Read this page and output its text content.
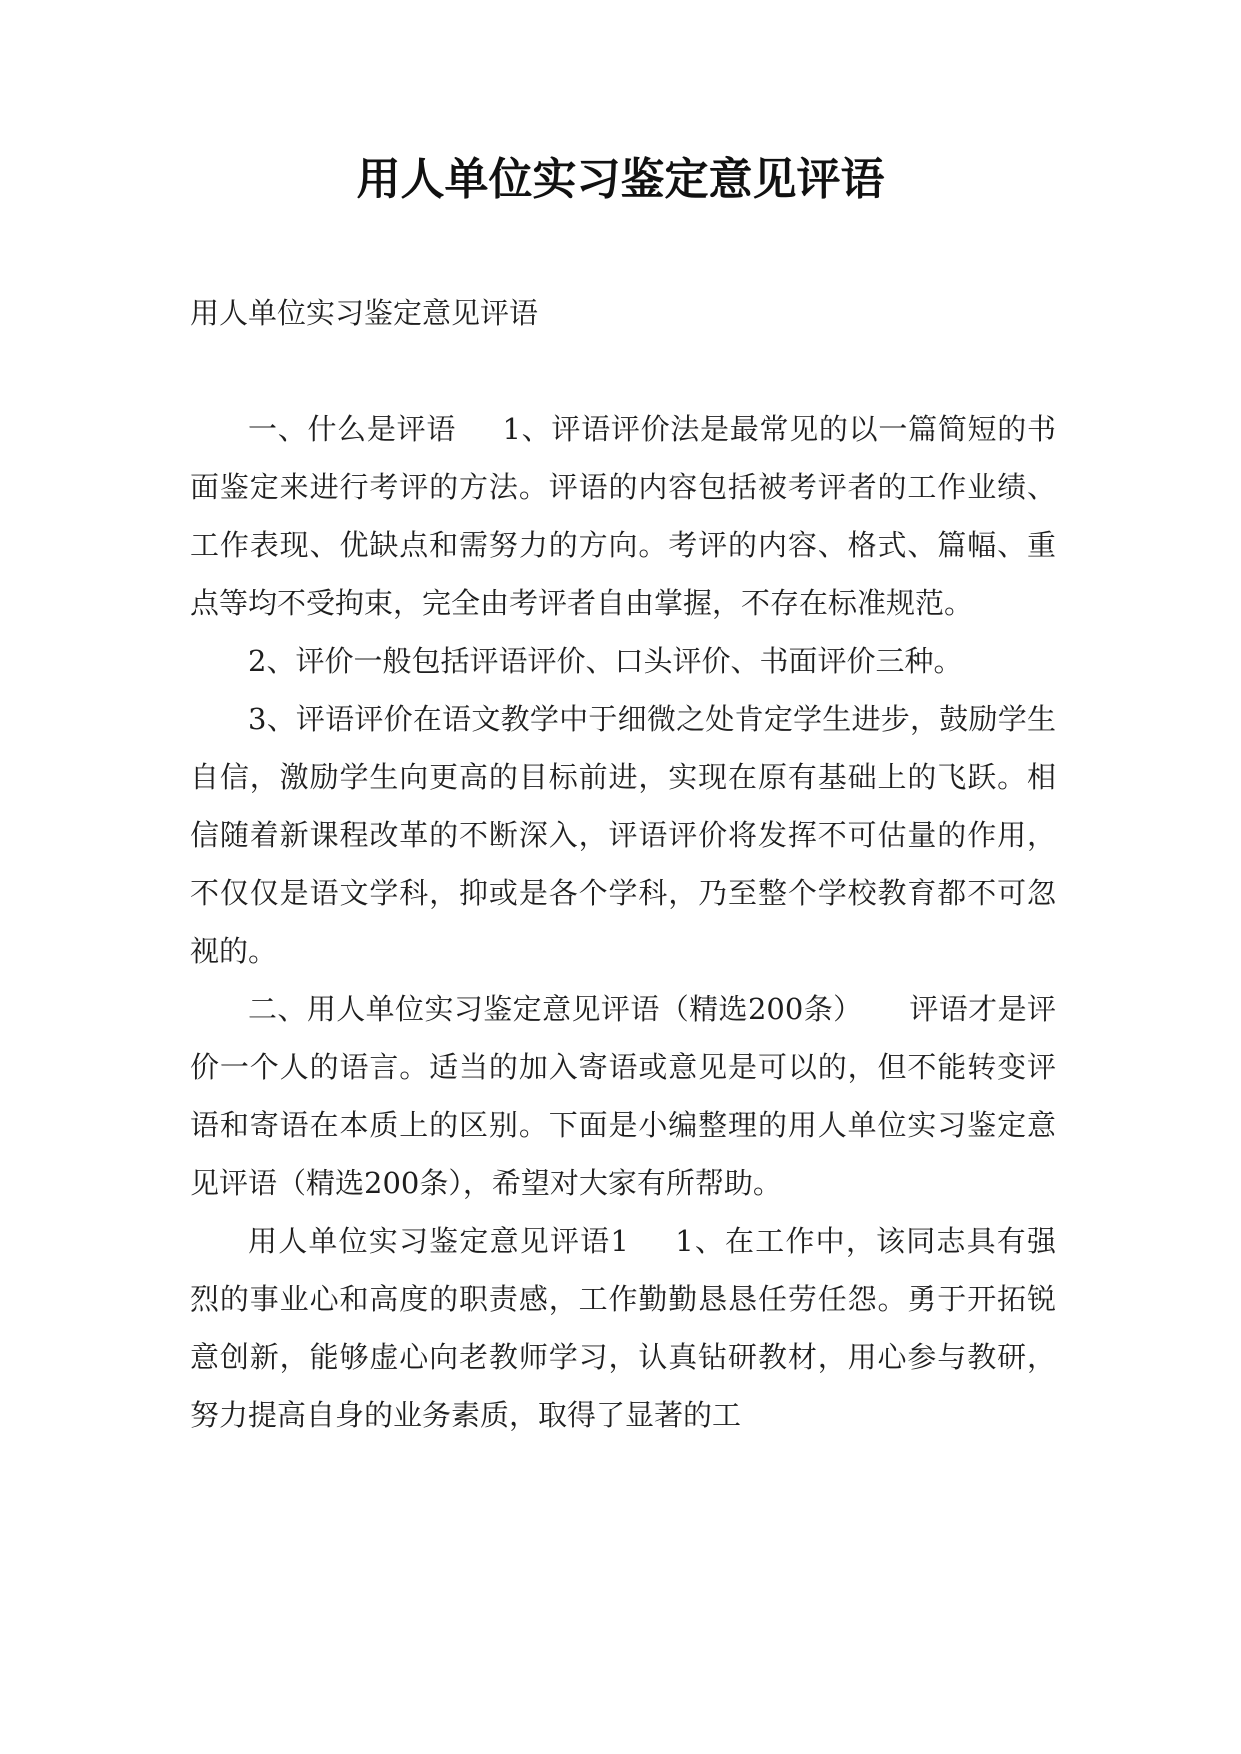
用人单位实习鉴定意见评语

用人单位实习鉴定意见评语

一、什么是评语 1、评语评价法是最常见的以一篇简短的书面鉴定来进行考评的方法。评语的内容包括被考评者的工作业绩、工作表现、优缺点和需努力的方向。考评的内容、格式、篇幅、重点等均不受拘束，完全由考评者自由掌握，不存在标准规范。

2、评价一般包括评语评价、口头评价、书面评价三种。

3、评语评价在语文教学中于细微之处肯定学生进步，鼓励学生自信，激励学生向更高的目标前进，实现在原有基础上的飞跃。相信随着新课程改革的不断深入，评语评价将发挥不可估量的作用，不仅仅是语文学科，抑或是各个学科，乃至整个学校教育都不可忽视的。

二、用人单位实习鉴定意见评语（精选200条） 评语才是评价一个人的语言。适当的加入寄语或意见是可以的，但不能转变评语和寄语在本质上的区别。下面是小编整理的用人单位实习鉴定意见评语（精选200条），希望对大家有所帮助。

用人单位实习鉴定意见评语1 1、在工作中，该同志具有强烈的事业心和高度的职责感，工作勤勤恳恳任劳任怨。勇于开拓锐意创新，能够虚心向老教师学习，认真钻研教材，用心参与教研，努力提高自身的业务素质，取得了显著的工
